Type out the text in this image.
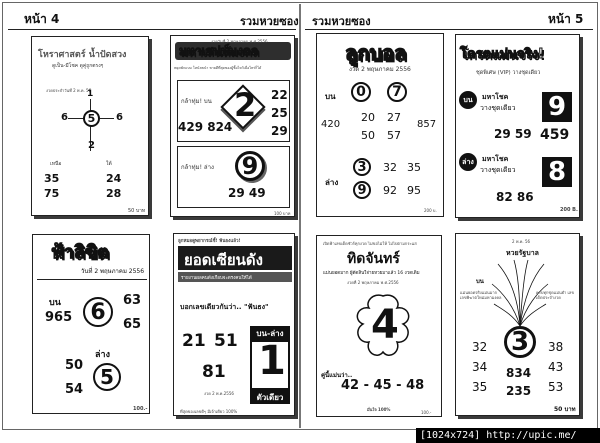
หน้า 4	รวมหวยซอง รวมหวยซอง	หน้า 5
โหราศาสตร์ น้ำปัดสวง
ดูเป็น-มีโชค ดูคู่ถูกตรงๆ
งวดประจำวันที่ 2 พ.ค. 56
1
6	5	6
2
เหนือ	ใต้
35	24
75	28
50 บาท
มหาเสน่ห์มงคล
หยุดพักแบบ โหนัลขนำ ขายดีที่สุดของผู้ซื้อไหว้เมื่อไหร่ก็ได้
งวดวันที่ 2 พฤษภาคม พ.ศ.2556
กล้าทุ่ม! บน 2 22
25
29
429 824
กล้าทุ่ม! ล่าง 9
29 49
100 บาท
ลูกบอล
งวด 2 พฤษภาคม 2556
บน	0	7
420
20 27
857
50 57
ล่าง
3	32 35
9	92 95
200 บ.
โครตแม่นจริง!
ชุดพิเศษ (VIP) วางชุดเดียว
บน	มหาโชค
วางชุดเดียว 9
29 59 459
ล่าง	มหาโชค
วางชุดเดียว 8
82 86
200 B.
ฟ้าลิขิต
วันที่ 2 พฤษภาคม 2556
บน
965 6	63
65
ล่าง
50
54
5
100.-
ลูกหมอดูพยากรณ์ชี้! ฟันธงแล้ว!
ยอดเซียนดัง
รายงานผลคนดังเกือบจะตรงคนให้ได้
บอกเลขเดียวกันว่า.. "ฟันธง"
21 51
81
บน-ล่าง
1
ตัวเดียว
งวด 2 พ.ค.2556
ที่สุดของเลขดีๆ มีเจ้าเดียว 100%
เปิดฟ้าเลขเด็ดชัวร์ทุกงวด ไม่ขอไม่ให้ ไม่ไปตามกระแส
ทิดจันทร์
แม่นยอดมาก ผู้ตัดสินใจ่ายหวยมาแล้ว 16 งวดเดิม
งวดที่ 2 พฤษภาคม พ.ศ.2556
4
คู่นี้แม่นว่า..
42 - 45 - 48
มั่นใจ 100%
100.-
2 พ.ค. 56
หวยรัฐบาล
บน
แม่นยอดจริงแม่นมาก เลขพิฆาตใหม่มหามงคล
ครบทุกชุดแม่นยำ เลขเด็ดประจำงวด
3
32
34
35
834
235
38
43
53
50 บาท
[1024x724] http://upic.me/
